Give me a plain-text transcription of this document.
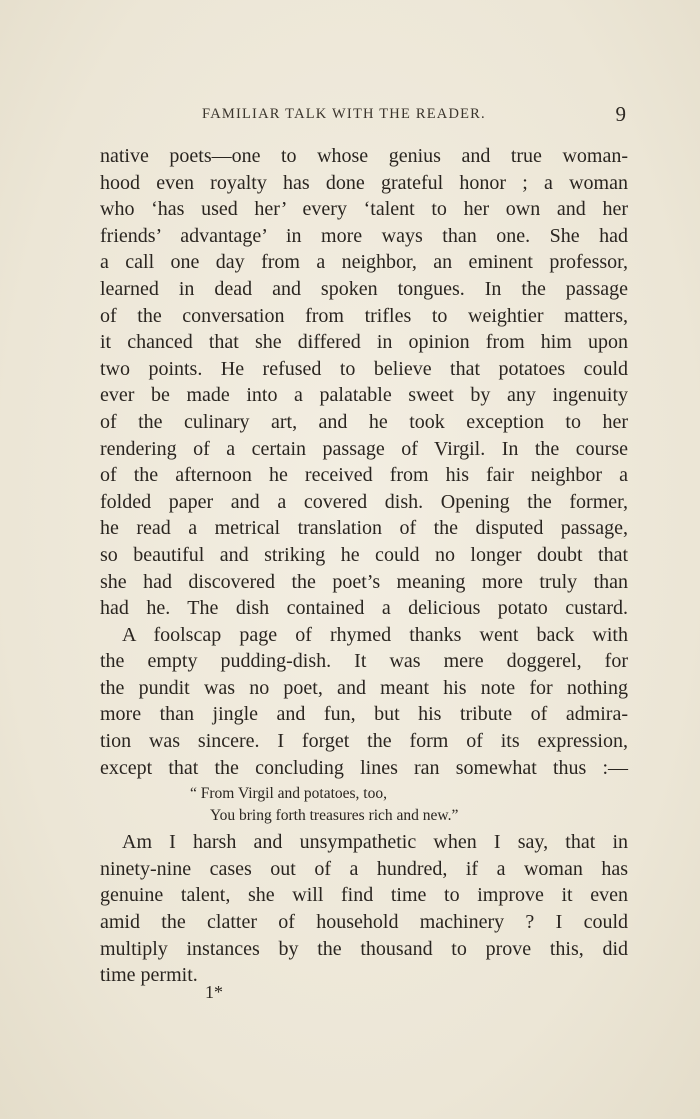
FAMILIAR TALK WITH THE READER.	9
native poets—one to whose genius and true woman-
hood even royalty has done grateful honor ; a woman
who ‘has used her’ every ‘talent to her own and her
friends’ advantage’ in more ways than one. She had
a call one day from a neighbor, an eminent professor,
learned in dead and spoken tongues. In the passage
of the conversation from trifles to weightier matters,
it chanced that she differed in opinion from him upon
two points. He refused to believe that potatoes could
ever be made into a palatable sweet by any ingenuity
of the culinary art, and he took exception to her
rendering of a certain passage of Virgil. In the course
of the afternoon he received from his fair neighbor a
folded paper and a covered dish. Opening the former,
he read a metrical translation of the disputed passage,
so beautiful and striking he could no longer doubt that
she had discovered the poet’s meaning more truly than
had he. The dish contained a delicious potato custard.
A foolscap page of rhymed thanks went back with
the empty pudding-dish. It was mere doggerel, for
the pundit was no poet, and meant his note for nothing
more than jingle and fun, but his tribute of admira-
tion was sincere. I forget the form of its expression,
except that the concluding lines ran somewhat thus :—
“ From Virgil and potatoes, too,
You bring forth treasures rich and new.”
Am I harsh and unsympathetic when I say, that in
ninety-nine cases out of a hundred, if a woman has
genuine talent, she will find time to improve it even
amid the clatter of household machinery ? I could
multiply instances by the thousand to prove this, did
time permit.
1*
